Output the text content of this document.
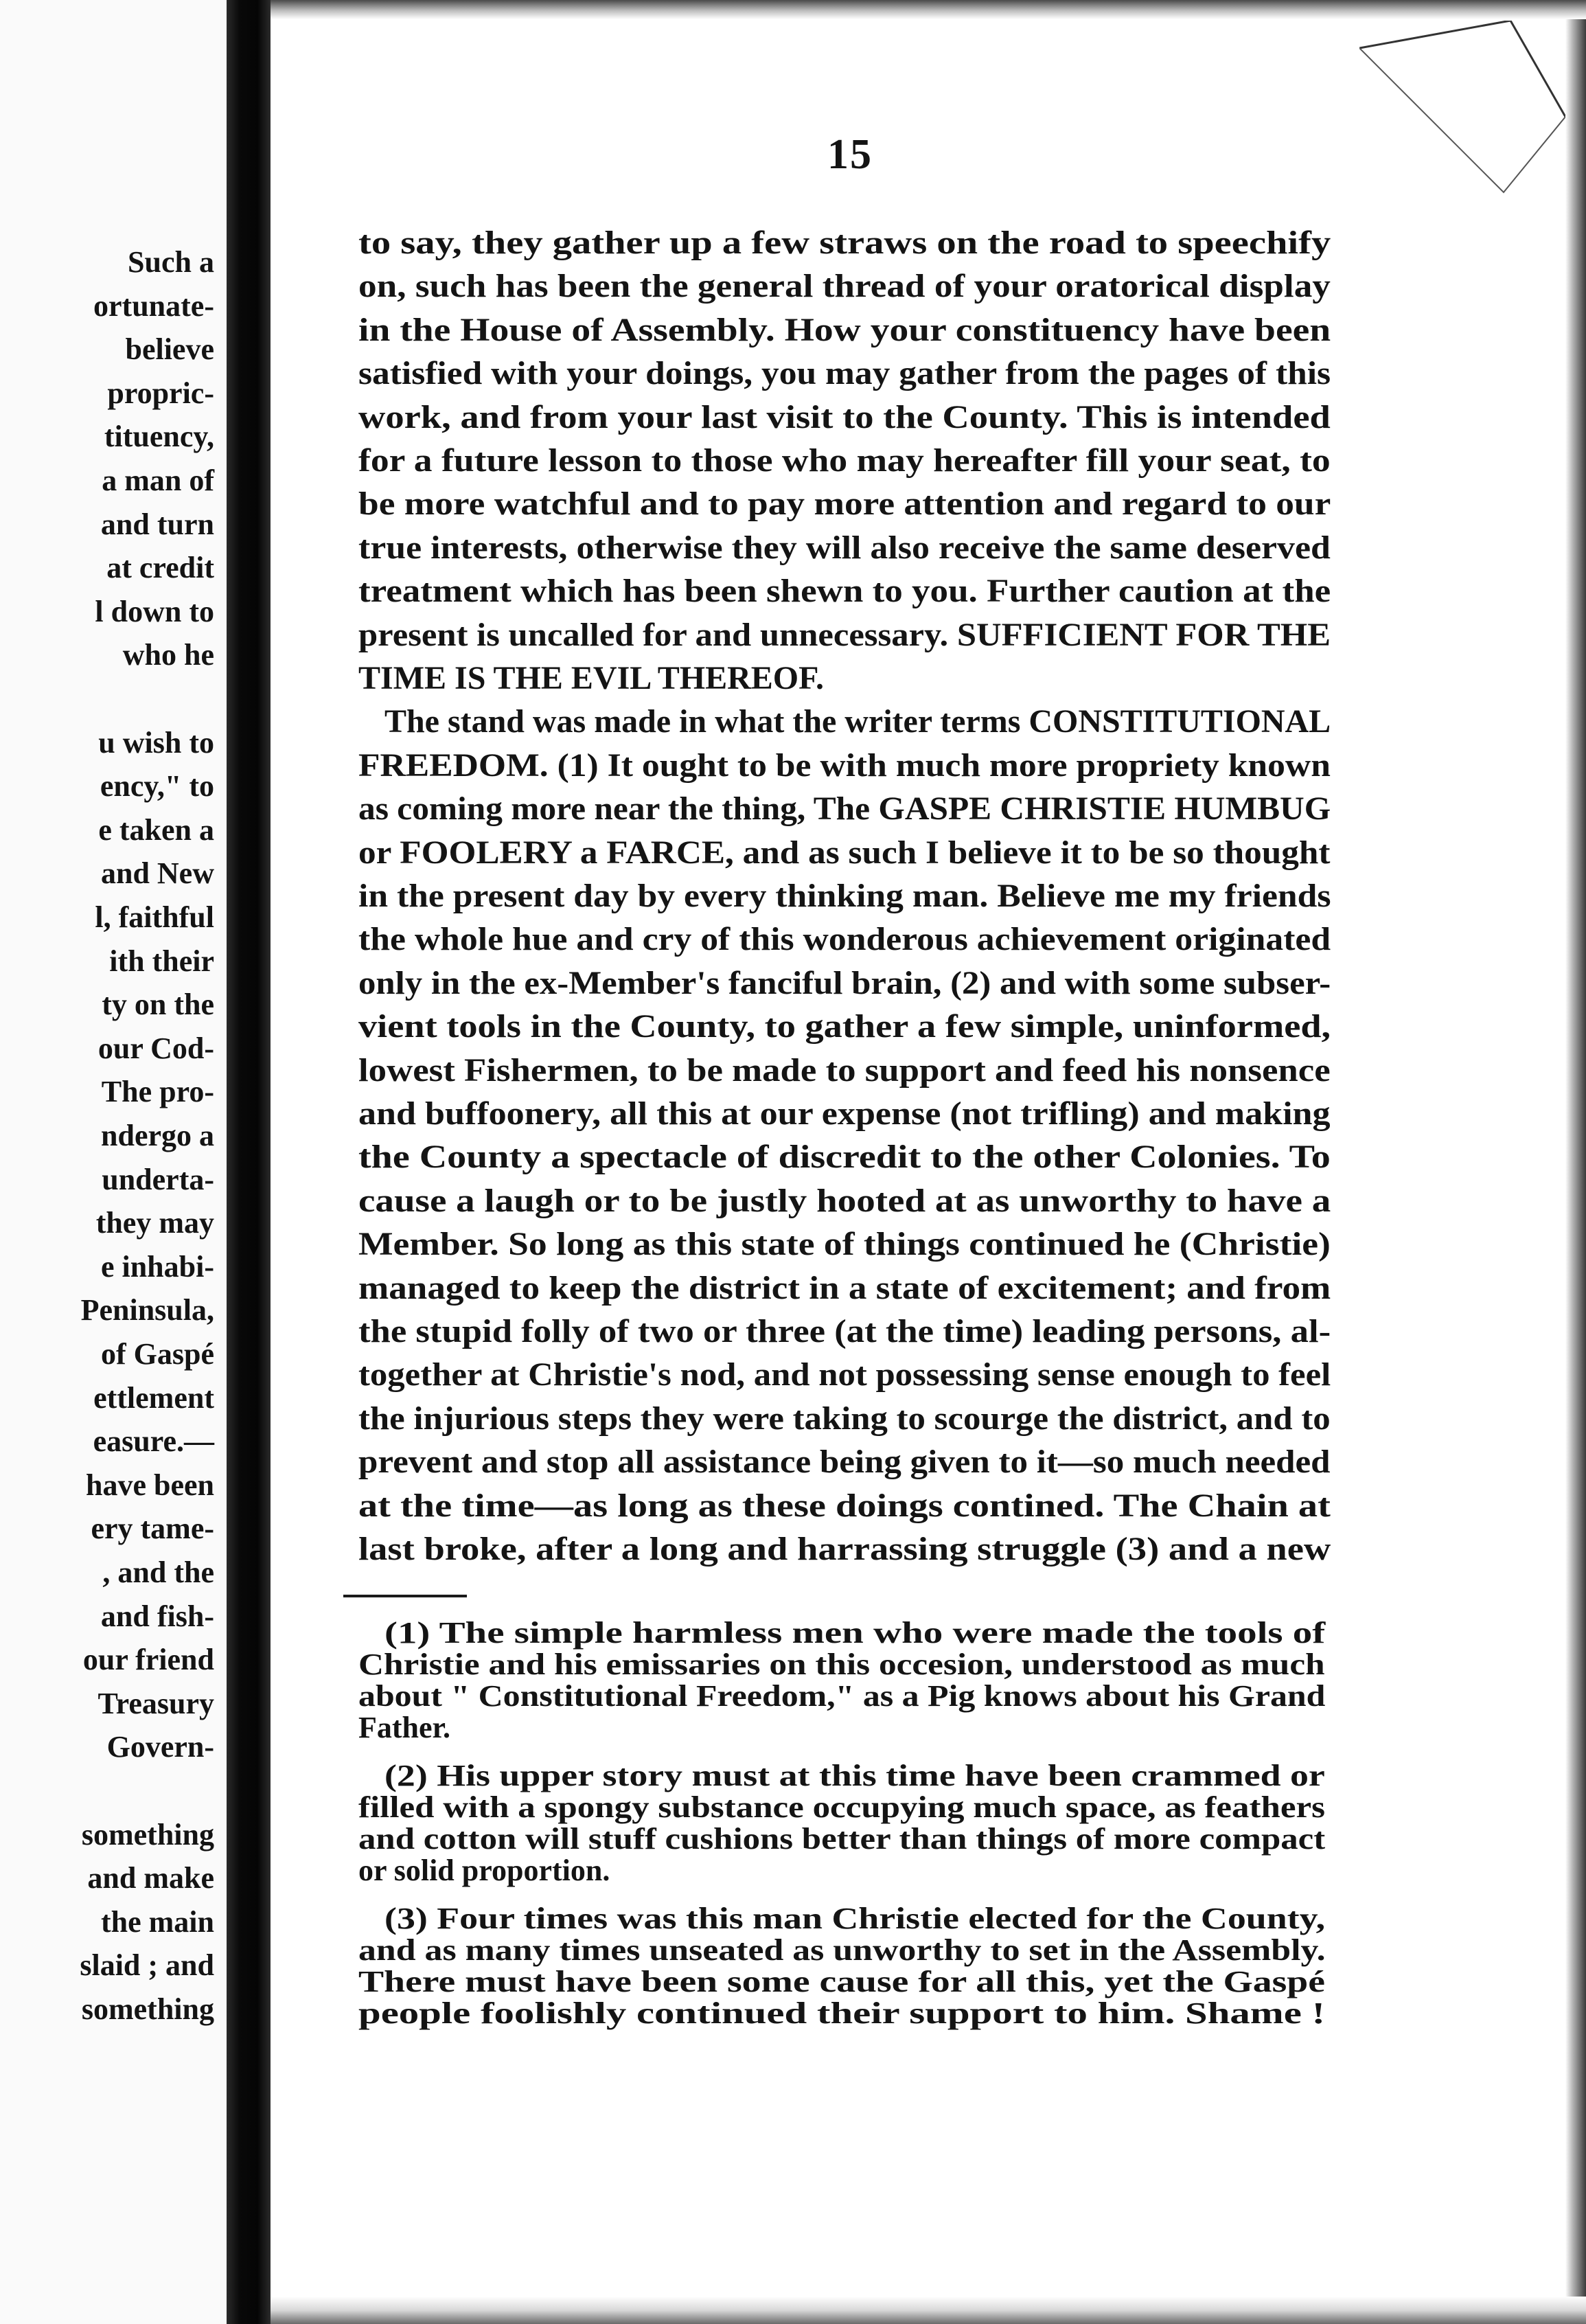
Such a
ortunate-
believe
propric-
tituency,
a man of
and turn
at credit
l down to
who he
u wish to
ency," to
e taken a
and New
l, faithful
ith their
ty on the
our Cod-
The pro-
ndergo a
underta-
they may
e inhabi-
Peninsula,
of Gaspé
ettlement
easure.—
have been
ery tame-
, and the
and fish-
our friend
Treasury
Govern-
something
and make
the main
slaid ; and
something
15
to say, they gather up a few straws on the road to speechify
on, such has been the general thread of your oratorical display
in the House of Assembly. How your constituency have been
satisfied with your doings, you may gather from the pages of this
work, and from your last visit to the County. This is intended
for a future lesson to those who may hereafter fill your seat, to
be more watchful and to pay more attention and regard to our
true interests, otherwise they will also receive the same deserved
treatment which has been shewn to you. Further caution at the
present is uncalled for and unnecessary. SUFFICIENT FOR THE
TIME IS THE EVIL THEREOF.
The stand was made in what the writer terms CONSTITUTIONAL
FREEDOM. (1) It ought to be with much more propriety known
as coming more near the thing, The GASPE CHRISTIE HUMBUG
or FOOLERY a FARCE, and as such I believe it to be so thought
in the present day by every thinking man. Believe me my friends
the whole hue and cry of this wonderous achievement originated
only in the ex-Member's fanciful brain, (2) and with some subser-
vient tools in the County, to gather a few simple, uninformed,
lowest Fishermen, to be made to support and feed his nonsence
and buffoonery, all this at our expense (not trifling) and making
the County a spectacle of discredit to the other Colonies. To
cause a laugh or to be justly hooted at as unworthy to have a
Member. So long as this state of things continued he (Christie)
managed to keep the district in a state of excitement; and from
the stupid folly of two or three (at the time) leading persons, al-
together at Christie's nod, and not possessing sense enough to feel
the injurious steps they were taking to scourge the district, and to
prevent and stop all assistance being given to it—so much needed
at the time—as long as these doings contined. The Chain at
last broke, after a long and harrassing struggle (3) and a new
(1) The simple harmless men who were made the tools of
Christie and his emissaries on this occesion, understood as much
about " Constitutional Freedom," as a Pig knows about his Grand
Father.
(2) His upper story must at this time have been crammed or
filled with a spongy substance occupying much space, as feathers
and cotton will stuff cushions better than things of more compact
or solid proportion.
(3) Four times was this man Christie elected for the County,
and as many times unseated as unworthy to set in the Assembly.
There must have been some cause for all this, yet the Gaspé
people foolishly continued their support to him. Shame !
